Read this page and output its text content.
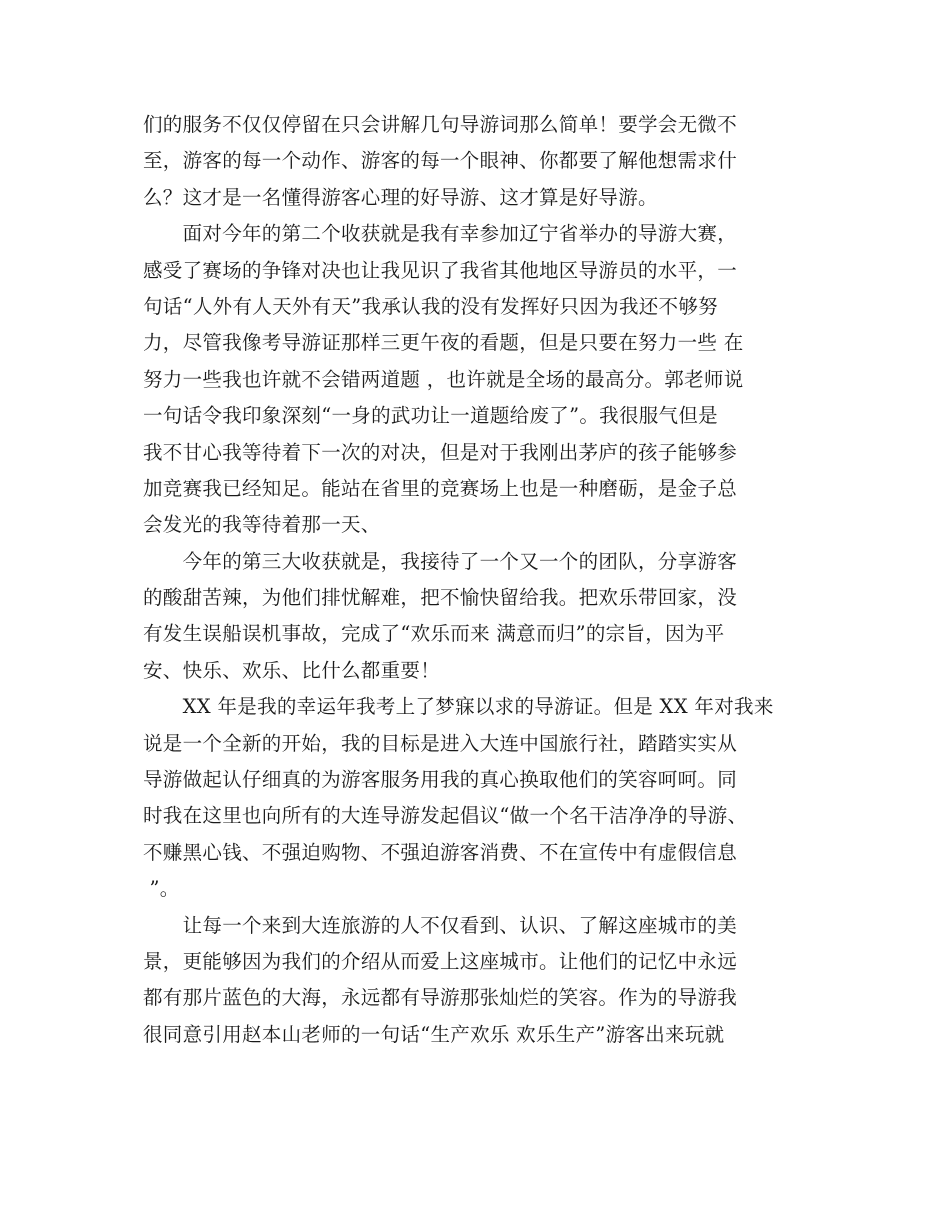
们的服务不仅仅停留在只会讲解几句导游词那么简单！要学会无微不
至，游客的每一个动作、游客的每一个眼神、你都要了解他想需求什
么？这才是一名懂得游客心理的好导游、这才算是好导游。
　　面对今年的第二个收获就是我有幸参加辽宁省举办的导游大赛，
感受了赛场的争锋对决也让我见识了我省其他地区导游员的水平，一
句话“人外有人天外有天”我承认我的没有发挥好只因为我还不够努
力，尽管我像考导游证那样三更午夜的看题，但是只要在努力一些 在
努力一些我也许就不会错两道题 ，也许就是全场的最高分。郭老师说
一句话令我印象深刻“一身的武功让一道题给废了”。我很服气但是
我不甘心我等待着下一次的对决，但是对于我刚出茅庐的孩子能够参
加竞赛我已经知足。能站在省里的竞赛场上也是一种磨砺，是金子总
会发光的我等待着那一天、
　　今年的第三大收获就是，我接待了一个又一个的团队，分享游客
的酸甜苦辣，为他们排忧解难，把不愉快留给我。把欢乐带回家，没
有发生误船误机事故，完成了“欢乐而来 满意而归”的宗旨，因为平
安、快乐、欢乐、比什么都重要！
　　XX 年是我的幸运年我考上了梦寐以求的导游证。但是 XX 年对我来
说是一个全新的开始，我的目标是进入大连中国旅行社，踏踏实实从
导游做起认仔细真的为游客服务用我的真心换取他们的笑容呵呵。同
时我在这里也向所有的大连导游发起倡议“做一个名干洁净净的导游、
不赚黑心钱、不强迫购物、不强迫游客消费、不在宣传中有虚假信息
”。
　　让每一个来到大连旅游的人不仅看到、认识、了解这座城市的美
景，更能够因为我们的介绍从而爱上这座城市。让他们的记忆中永远
都有那片蓝色的大海，永远都有导游那张灿烂的笑容。作为的导游我
很同意引用赵本山老师的一句话“生产欢乐 欢乐生产”游客出来玩就
